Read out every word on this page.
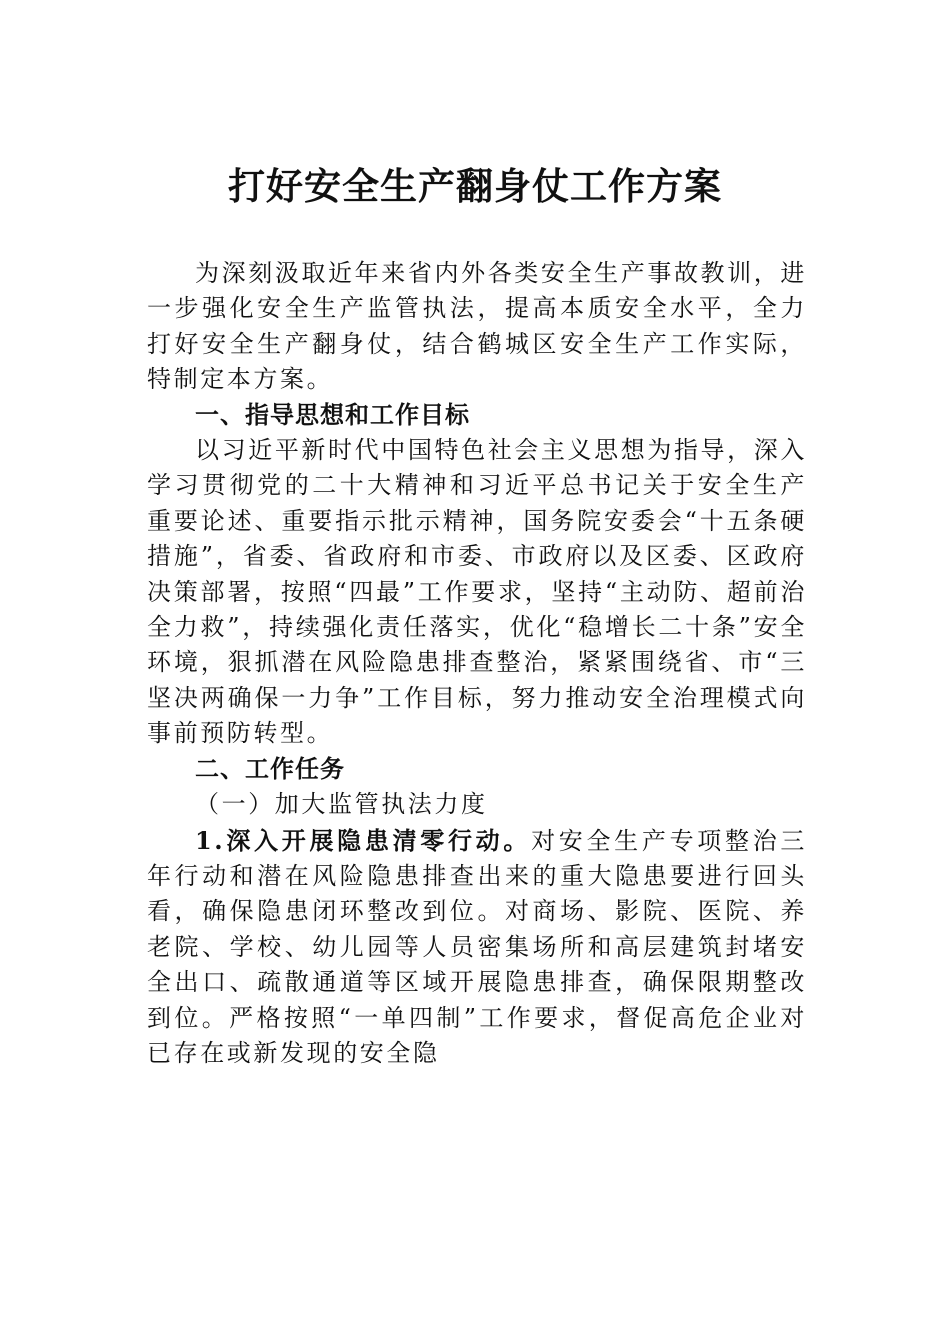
打好安全生产翻身仗工作方案

为深刻汲取近年来省内外各类安全生产事故教训，进一步强化安全生产监管执法，提高本质安全水平，全力打好安全生产翻身仗，结合鹤城区安全生产工作实际，特制定本方案。

一、指导思想和工作目标

以习近平新时代中国特色社会主义思想为指导，深入学习贯彻党的二十大精神和习近平总书记关于安全生产重要论述、重要指示批示精神，国务院安委会“十五条硬措施”，省委、省政府和市委、市政府以及区委、区政府决策部署，按照“四最”工作要求，坚持“主动防、超前治全力救”，持续强化责任落实，优化“稳增长二十条”安全环境，狠抓潜在风险隐患排查整治，紧紧围绕省、市“三坚决两确保一力争”工作目标，努力推动安全治理模式向事前预防转型。

二、工作任务

（一）加大监管执法力度

1.深入开展隐患清零行动。对安全生产专项整治三年行动和潜在风险隐患排查出来的重大隐患要进行回头看，确保隐患闭环整改到位。对商场、影院、医院、养老院、学校、幼儿园等人员密集场所和高层建筑封堵安全出口、疏散通道等区域开展隐患排查，确保限期整改到位。严格按照“一单四制”工作要求，督促高危企业对已存在或新发现的安全隐
